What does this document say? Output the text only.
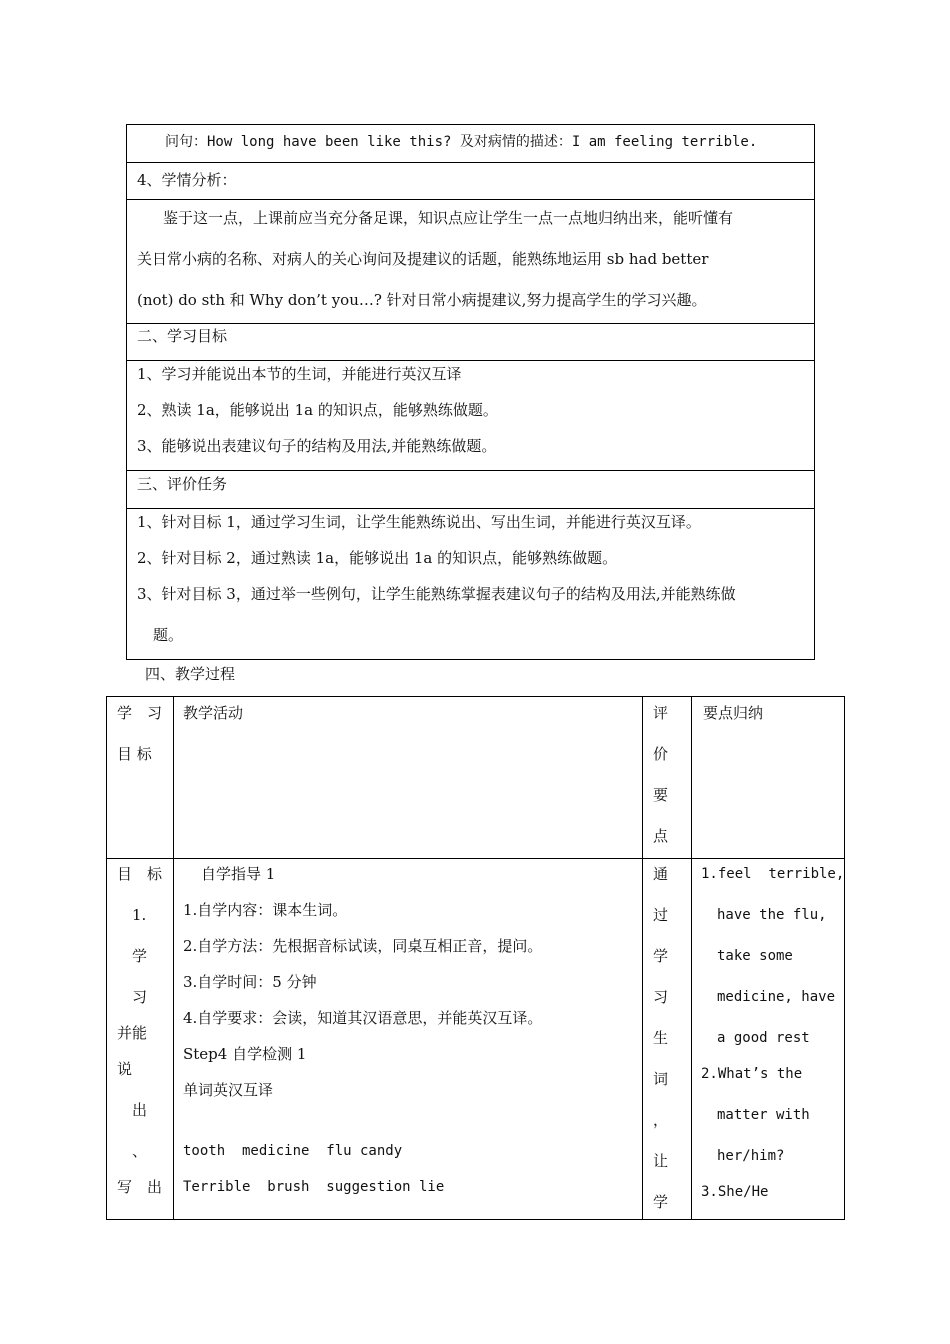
问句：How long have been like this? 及对病情的描述：I am feeling terrible.
4、学情分析：
鉴于这一点，上课前应当充分备足课，知识点应让学生一点一点地归纳出来，能听懂有
关日常小病的名称、对病人的关心询问及提建议的话题，能熟练地运用 sb had better
(not) do sth 和 Why don’t you…? 针对日常小病提建议,努力提高学生的学习兴趣。
二、学习目标
1、学习并能说出本节的生词，并能进行英汉互译
2、熟读 1a，能够说出 1a 的知识点，能够熟练做题。
3、能够说出表建议句子的结构及用法,并能熟练做题。
三、评价任务
1、针对目标 1，通过学习生词，让学生能熟练说出、写出生词，并能进行英汉互译。
2、针对目标 2，通过熟读 1a，能够说出 1a 的知识点，能够熟练做题。
3、针对目标 3，通过举一些例句，让学生能熟练掌握表建议句子的结构及用法,并能熟练做
题。
四、教学过程
学　习
目 标
教学活动	评
价
要
点
要点归纳
目　标
1.
学
习
并能
说
出
、
写　出
自学指导 1
1.自学内容：课本生词。
2.自学方法：先根据音标试读，同桌互相正音，提问。
3.自学时间：5 分钟
4.自学要求：会读，知道其汉语意思，并能英汉互译。
Step4 自学检测 1
单词英汉互译
tooth  medicine  flu candy
Terrible  brush  suggestion lie
通
过
学
习
生
词
，
让
学
1.feel  terrible,
have the flu,
take some
medicine, have
a good rest
2.What’s the
matter with
her/him?
3.She/He
